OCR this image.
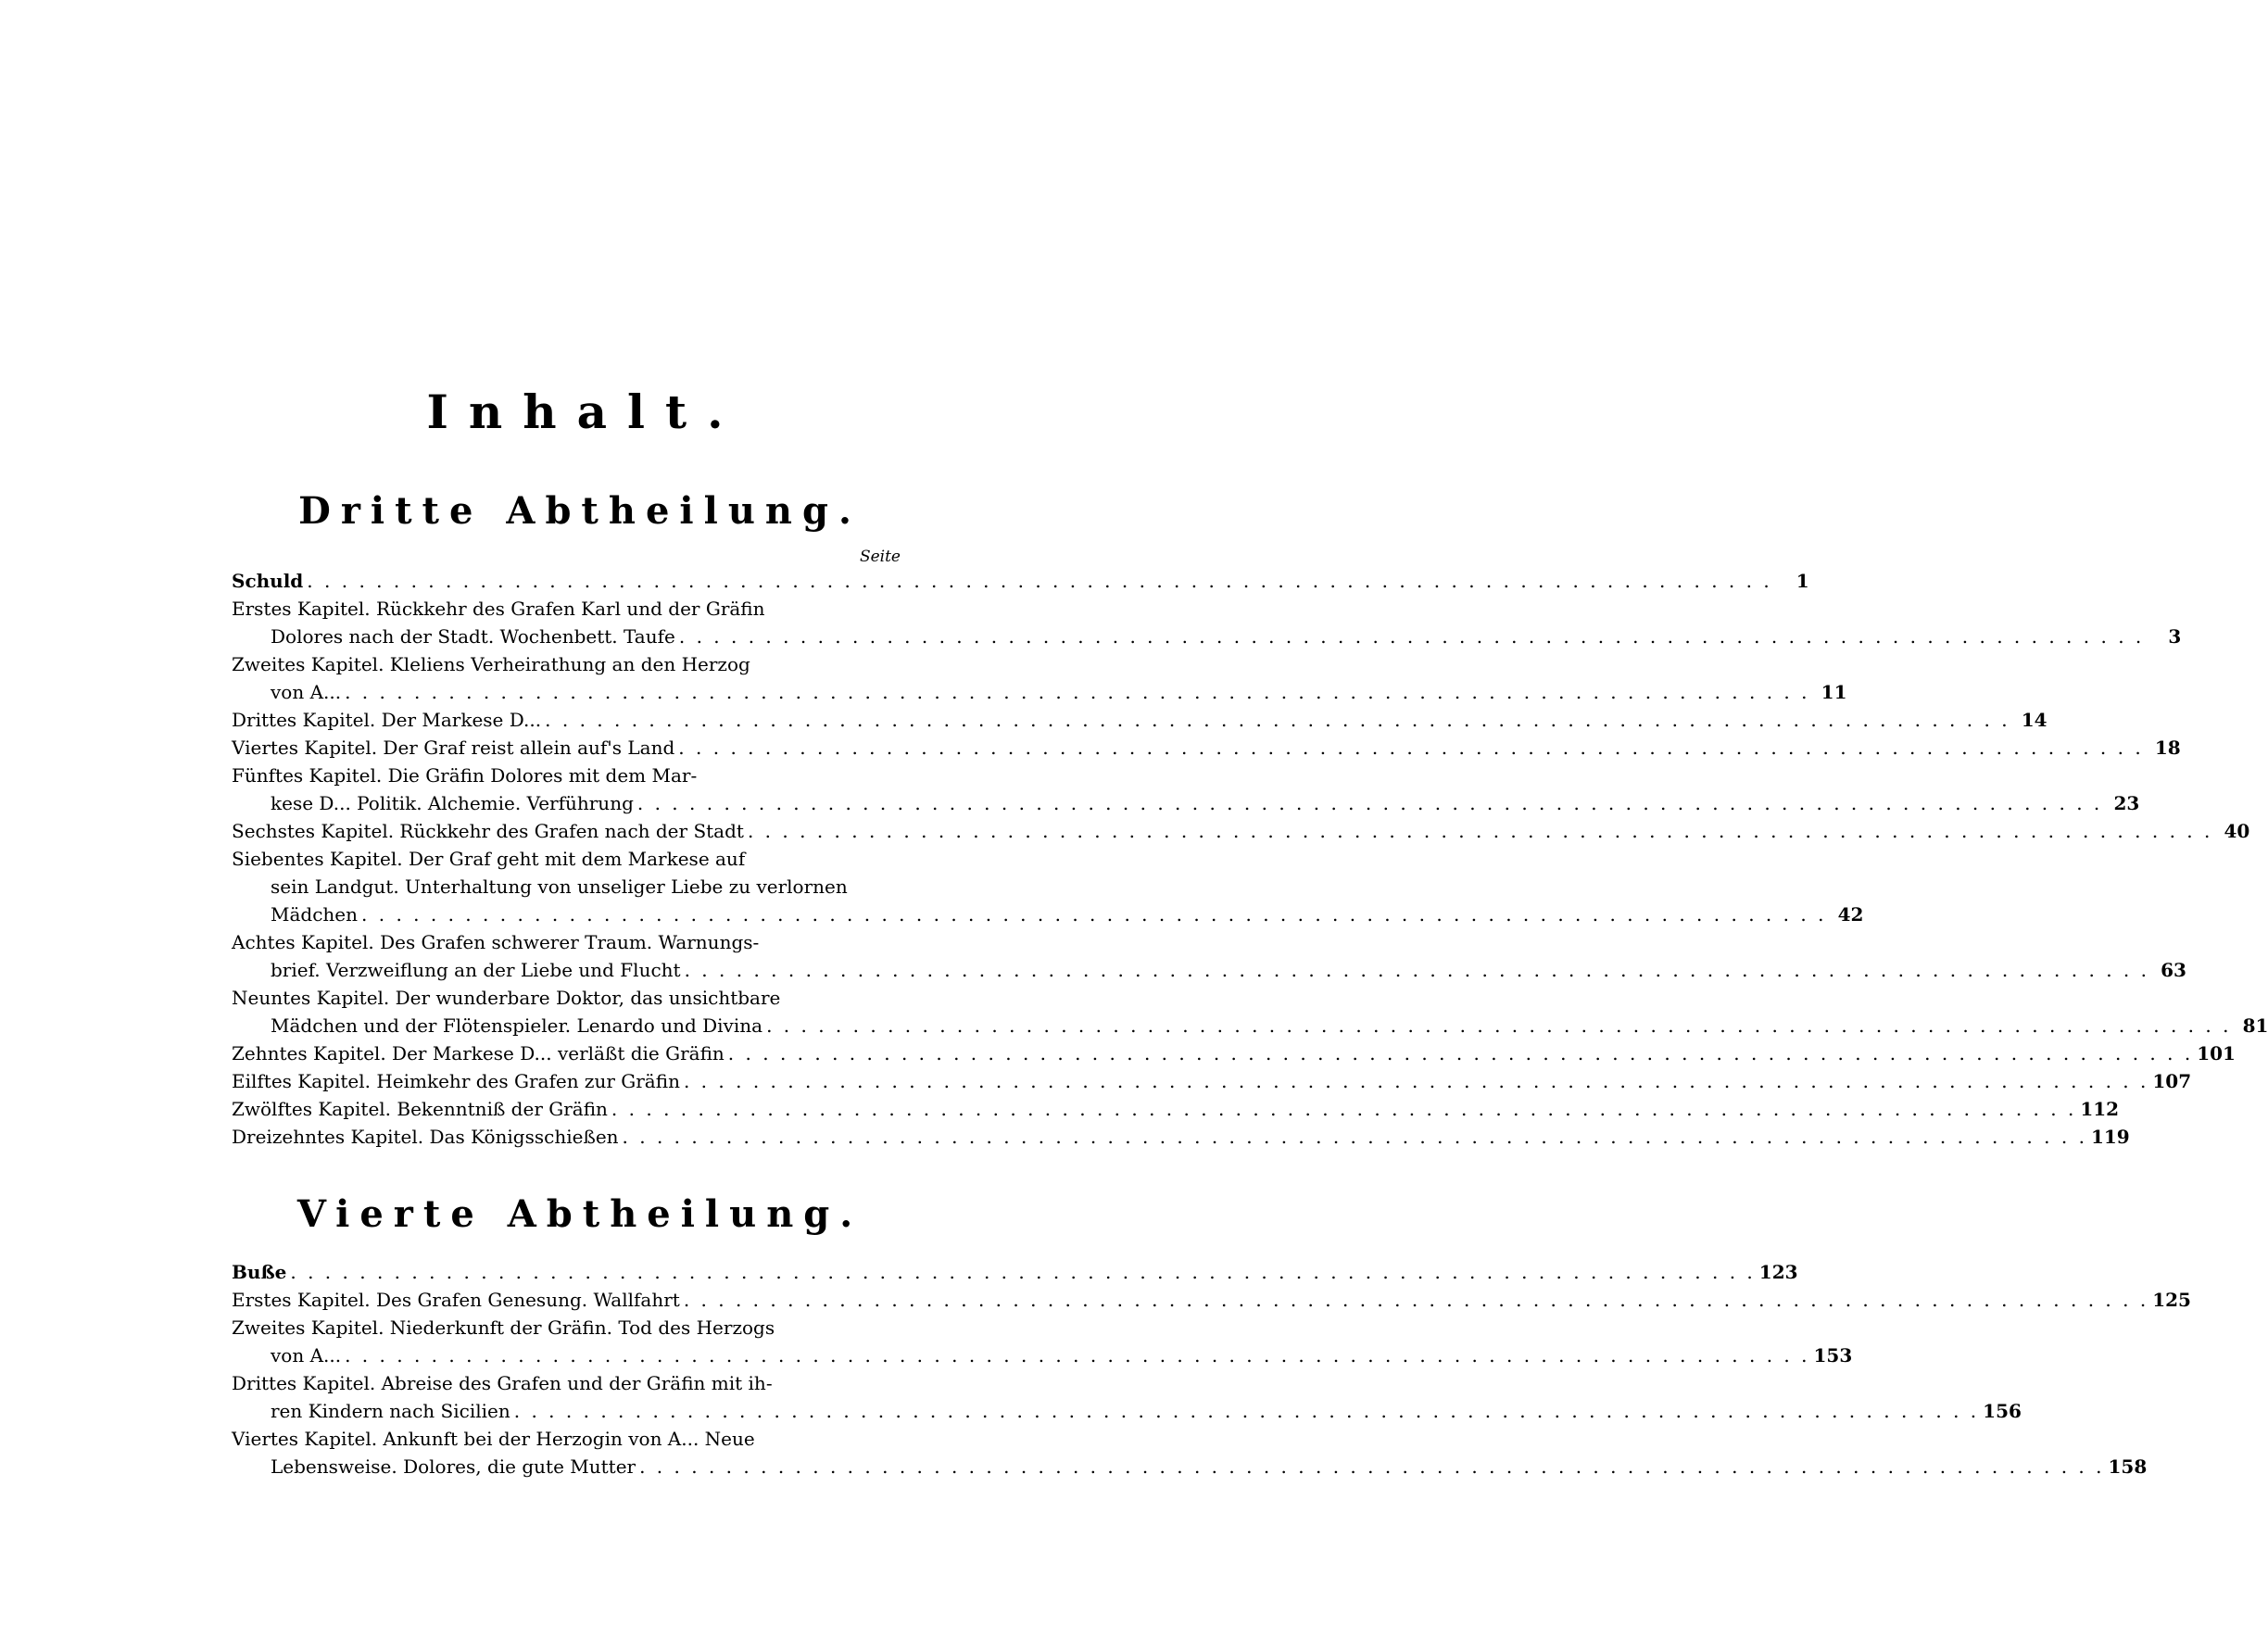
Inhalt.
Dritte Abtheilung.
Seite
Schuld . . .	1
Erstes Kapitel. Rückkehr des Grafen Karl und der Gräfin
Dolores nach der Stadt. Wochenbett. Taufe . . .	3
Zweites Kapitel. Kleliens Verheirathung an den Herzog
von A... . . .	11
Drittes Kapitel. Der Markese D... . . .	14
Viertes Kapitel. Der Graf reist allein auf's Land . . .	18
Fünftes Kapitel. Die Gräfin Dolores mit dem Mar-
kese D... Politik. Alchemie. Verführung . . .	23
Sechstes Kapitel. Rückkehr des Grafen nach der Stadt . . .	40
Siebentes Kapitel. Der Graf geht mit dem Markese auf
sein Landgut. Unterhaltung von unseliger Liebe zu verlornen
Mädchen . . .	42
Achtes Kapitel. Des Grafen schwerer Traum. Warnungs-
brief. Verzweiflung an der Liebe und Flucht . . .	63
Neuntes Kapitel. Der wunderbare Doktor, das unsichtbare
Mädchen und der Flötenspieler. Lenardo und Divina . . .	81
Zehntes Kapitel. Der Markese D... verläßt die Gräfin . . .	101
Eilftes Kapitel. Heimkehr des Grafen zur Gräfin . . .	107
Zwölftes Kapitel. Bekenntniß der Gräfin . . .	112
Dreizehntes Kapitel. Das Königsschießen . . .	119
Vierte Abtheilung.
Buße . . .	123
Erstes Kapitel. Des Grafen Genesung. Wallfahrt . . .	125
Zweites Kapitel. Niederkunft der Gräfin. Tod des Herzogs
von A... . . .	153
Drittes Kapitel. Abreise des Grafen und der Gräfin mit ih-
ren Kindern nach Sicilien . . .	156
Viertes Kapitel. Ankunft bei der Herzogin von A... Neue
Lebensweise. Dolores, die gute Mutter . . .	158
